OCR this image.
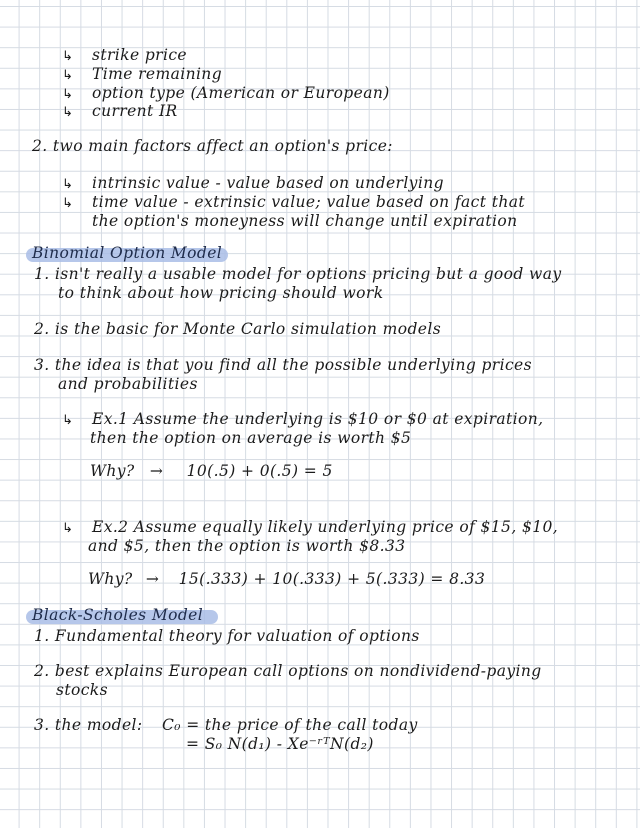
↳ strike price
↳ Time remaining
↳ option type (American or European)
↳ current IR
2. two main factors affect an option's price:
↳ intrinsic value - value based on underlying
↳ time value - extrinsic value; value based on fact that
the option's moneyness will change until expiration
Binomial Option Model
1. isn't really a usable model for options pricing but a good way
to think about how pricing should work
2. is the basic for Monte Carlo simulation models
3. the idea is that you find all the possible underlying prices
and probabilities
↳ Ex.1 Assume the underlying is $10 or $0 at expiration,
then the option on average is worth $5
Why? → 10(.5) + 0(.5) = 5
↳ Ex.2 Assume equally likely underlying price of $15, $10,
and $5, then the option is worth $8.33
Why? → 15(.333) + 10(.333) + 5(.333) = 8.33
Black-Scholes Model
1. Fundamental theory for valuation of options
2. best explains European call options on nondividend-paying
stocks
3. the model: C₀ = the price of the call today
= S₀ N(d₁) - Xe⁻ʳᵀN(d₂)
